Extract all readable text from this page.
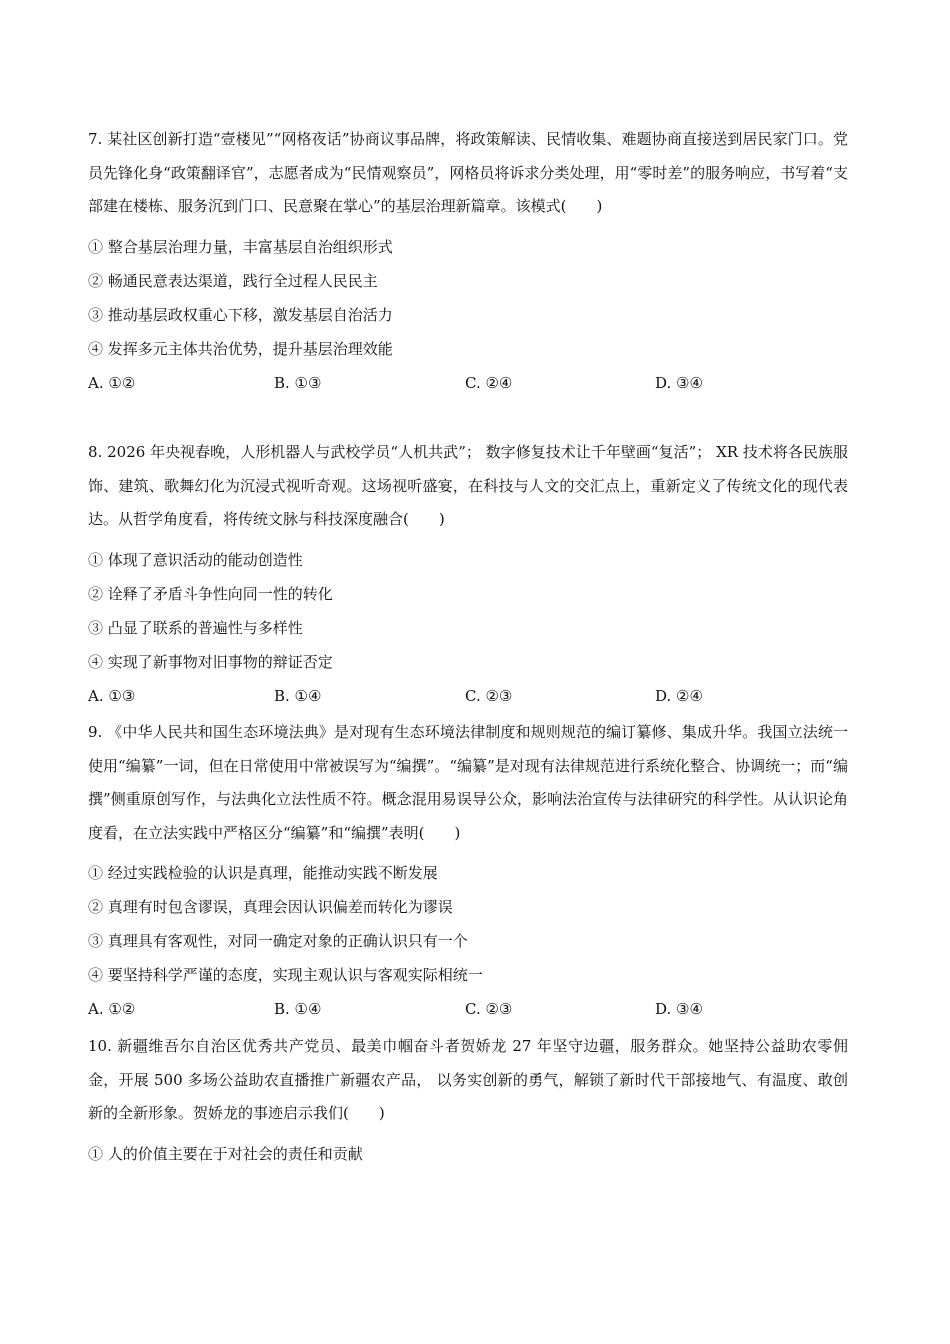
7. 某社区创新打造“壹楼见”“网格夜话”协商议事品牌，将政策解读、民情收集、难题协商直接送到居民家门口。党员先锋化身“政策翻译官”，志愿者成为“民情观察员”，网格员将诉求分类处理，用“零时差”的服务响应，书写着“支部建在楼栋、服务沉到门口、民意聚在掌心”的基层治理新篇章。该模式(　　)

① 整合基层治理力量，丰富基层自治组织形式

② 畅通民意表达渠道，践行全过程人民民主

③ 推动基层政权重心下移，激发基层自治活力

④ 发挥多元主体共治优势，提升基层治理效能

A. ①②	B. ①③	C. ②④	D. ③④

8. 2026 年央视春晚，人形机器人与武校学员“人机共武”； 数字修复技术让千年壁画“复活”； XR 技术将各民族服饰、建筑、歌舞幻化为沉浸式视听奇观。这场视听盛宴，在科技与人文的交汇点上，重新定义了传统文化的现代表达。从哲学角度看，将传统文脉与科技深度融合(　　)

① 体现了意识活动的能动创造性

② 诠释了矛盾斗争性向同一性的转化

③ 凸显了联系的普遍性与多样性

④ 实现了新事物对旧事物的辩证否定

A. ①③	B. ①④	C. ②③	D. ②④

9. 《中华人民共和国生态环境法典》是对现有生态环境法律制度和规则规范的编订纂修、集成升华。我国立法统一使用“编纂”一词，但在日常使用中常被误写为“编撰”。“编纂”是对现有法律规范进行系统化整合、协调统一；而“编撰”侧重原创写作，与法典化立法性质不符。概念混用易误导公众，影响法治宣传与法律研究的科学性。从认识论角度看，在立法实践中严格区分“编纂”和“编撰”表明(　　)

① 经过实践检验的认识是真理，能推动实践不断发展

② 真理有时包含谬误，真理会因认识偏差而转化为谬误

③ 真理具有客观性，对同一确定对象的正确认识只有一个

④ 要坚持科学严谨的态度，实现主观认识与客观实际相统一

A. ①②	B. ①④	C. ②③	D. ③④

10. 新疆维吾尔自治区优秀共产党员、最美巾帼奋斗者贺娇龙 27 年坚守边疆，服务群众。她坚持公益助农零佣金，开展 500 多场公益助农直播推广新疆农产品， 以务实创新的勇气，解锁了新时代干部接地气、有温度、敢创新的全新形象。贺娇龙的事迹启示我们(　　)

① 人的价值主要在于对社会的责任和贡献
